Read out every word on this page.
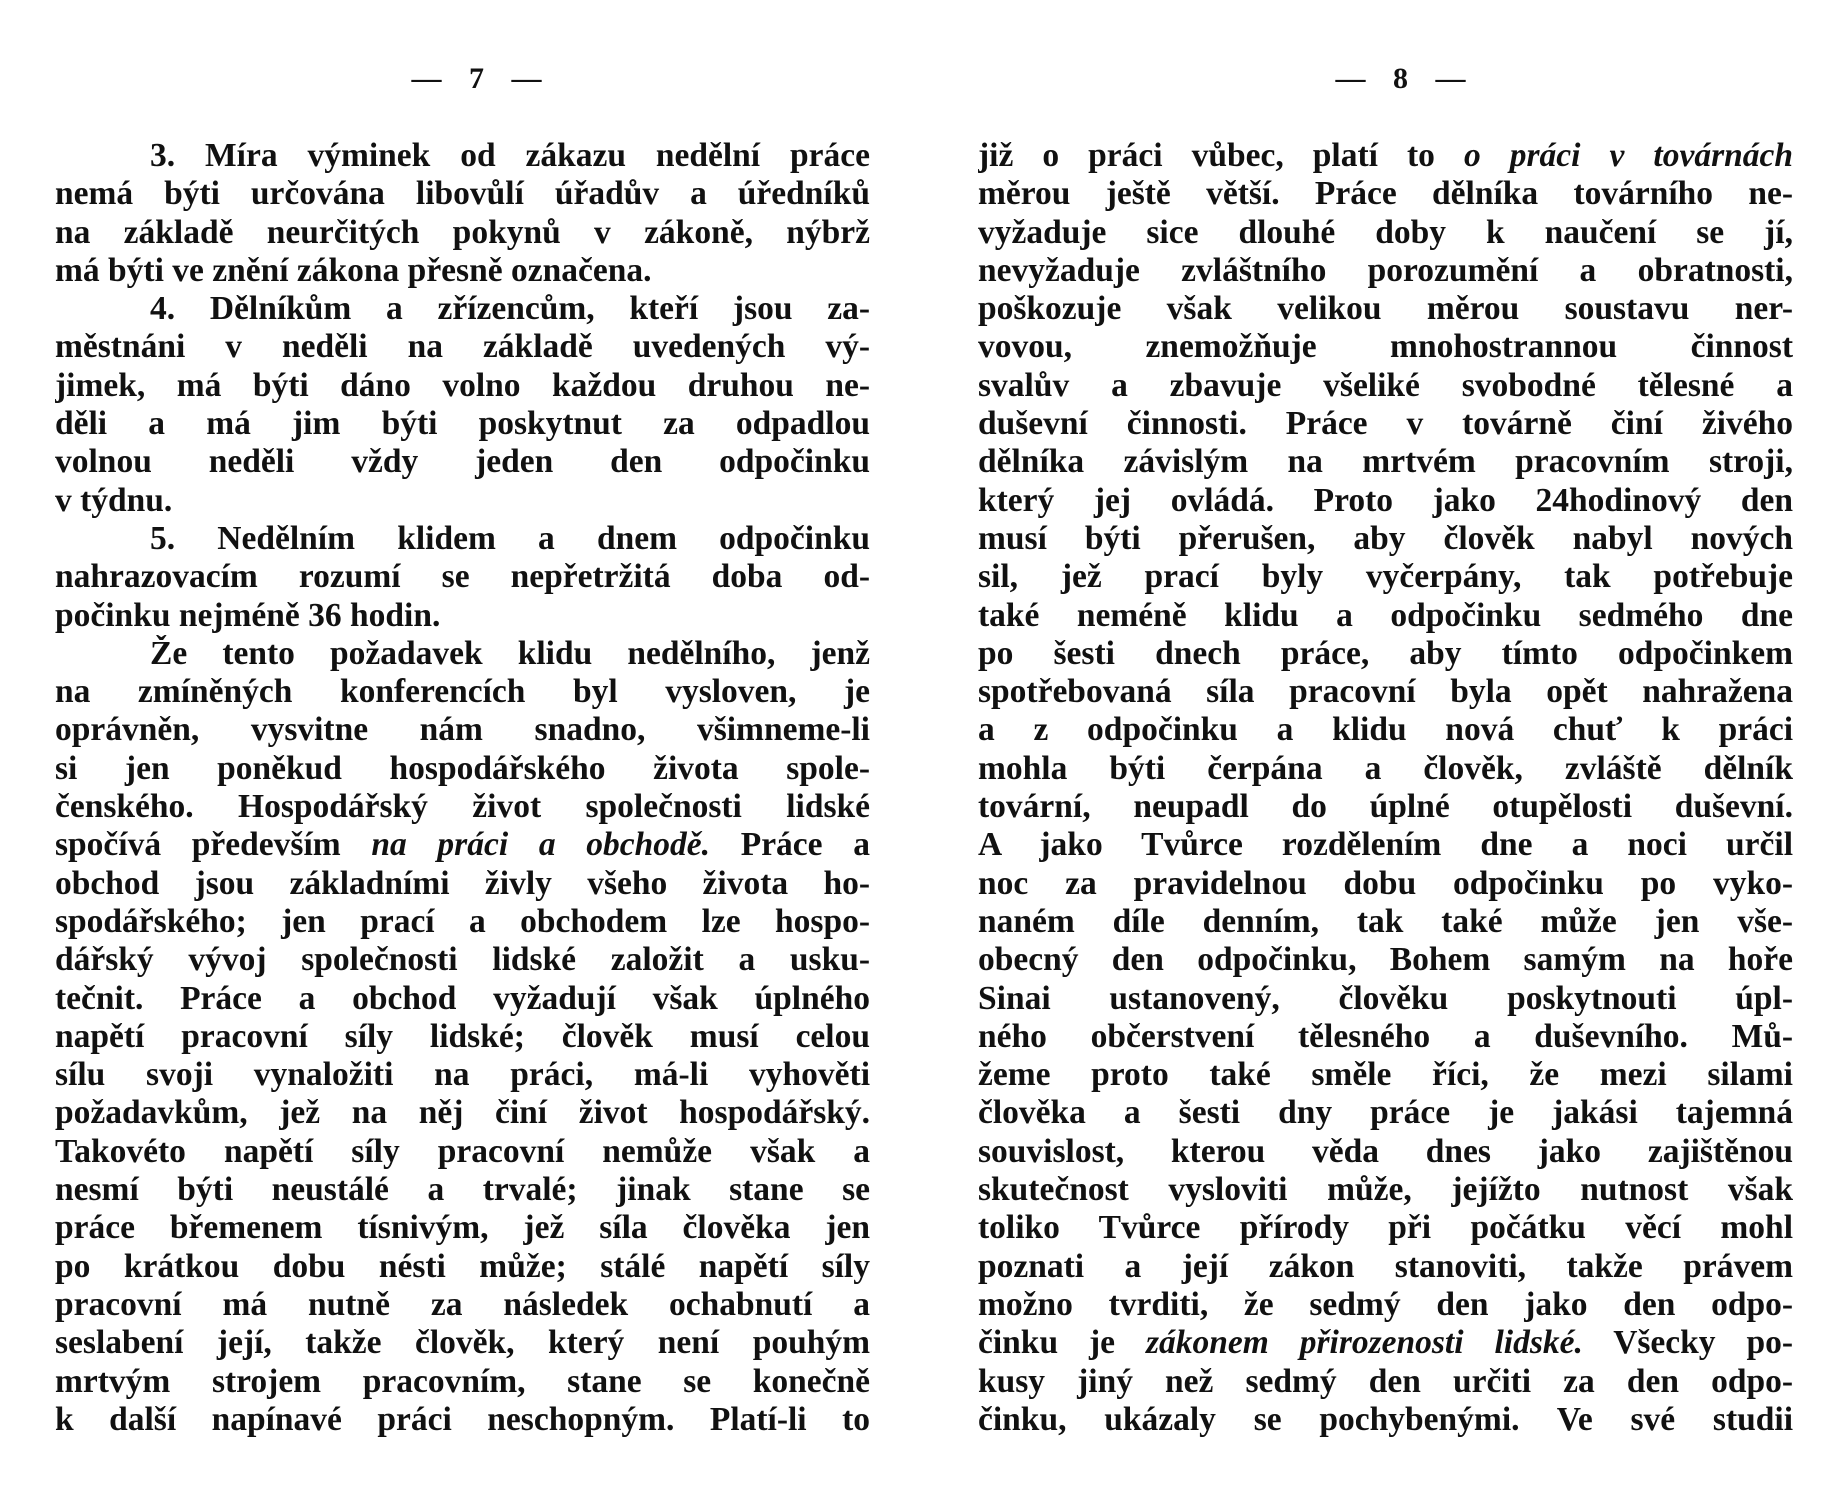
— 7 —
3. Míra výminek od zákazu nedělní práce
nemá býti určována libovůlí úřadův a úředníků
na základě neurčitých pokynů v zákoně, nýbrž
má býti ve znění zákona přesně označena.
4. Dělníkům a zřízencům, kteří jsou za-
městnáni v neděli na základě uvedených vý-
jimek, má býti dáno volno každou druhou ne-
děli a má jim býti poskytnut za odpadlou
volnou neděli vždy jeden den odpočinku
v týdnu.
5. Nedělním klidem a dnem odpočinku
nahrazovacím rozumí se nepřetržitá doba od-
počinku nejméně 36 hodin.
Že tento požadavek klidu nedělního, jenž
na zmíněných konferencích byl vysloven, je
oprávněn, vysvitne nám snadno, všimneme-li
si jen poněkud hospodářského života spole-
čenského. Hospodářský život společnosti lidské
spočívá především na práci a obchodě. Práce a
obchod jsou základními živly všeho života ho-
spodářského; jen prací a obchodem lze hospo-
dářský vývoj společnosti lidské založit a usku-
tečnit. Práce a obchod vyžadují však úplného
napětí pracovní síly lidské; člověk musí celou
sílu svoji vynaložiti na práci, má-li vyhověti
požadavkům, jež na něj činí život hospodářský.
Takovéto napětí síly pracovní nemůže však a
nesmí býti neustálé a trvalé; jinak stane se
práce břemenem tísnivým, jež síla člověka jen
po krátkou dobu nésti může; stálé napětí síly
pracovní má nutně za následek ochabnutí a
seslabení její, takže člověk, který není pouhým
mrtvým strojem pracovním, stane se konečně
k další napínavé práci neschopným. Platí-li to
— 8 —
již o práci vůbec, platí to o práci v továrnách
měrou ještě větší. Práce dělníka továrního ne-
vyžaduje sice dlouhé doby k naučení se jí,
nevyžaduje zvláštního porozumění a obratnosti,
poškozuje však velikou měrou soustavu ner-
vovou, znemožňuje mnohostrannou činnost
svalův a zbavuje všeliké svobodné tělesné a
duševní činnosti. Práce v továrně činí živého
dělníka závislým na mrtvém pracovním stroji,
který jej ovládá. Proto jako 24hodinový den
musí býti přerušen, aby člověk nabyl nových
sil, jež prací byly vyčerpány, tak potřebuje
také neméně klidu a odpočinku sedmého dne
po šesti dnech práce, aby tímto odpočinkem
spotřebovaná síla pracovní byla opět nahražena
a z odpočinku a klidu nová chuť k práci
mohla býti čerpána a člověk, zvláště dělník
tovární, neupadl do úplné otupělosti duševní.
A jako Tvůrce rozdělením dne a noci určil
noc za pravidelnou dobu odpočinku po vyko-
naném díle denním, tak také může jen vše-
obecný den odpočinku, Bohem samým na hoře
Sinai ustanovený, člověku poskytnouti úpl-
ného občerstvení tělesného a duševního. Mů-
žeme proto také směle říci, že mezi silami
člověka a šesti dny práce je jakási tajemná
souvislost, kterou věda dnes jako zajištěnou
skutečnost vysloviti může, jejížto nutnost však
toliko Tvůrce přírody při počátku věcí mohl
poznati a její zákon stanoviti, takže právem
možno tvrditi, že sedmý den jako den odpo-
činku je zákonem přirozenosti lidské. Všecky po-
kusy jiný než sedmý den určiti za den odpo-
činku, ukázaly se pochybenými. Ve své studii
